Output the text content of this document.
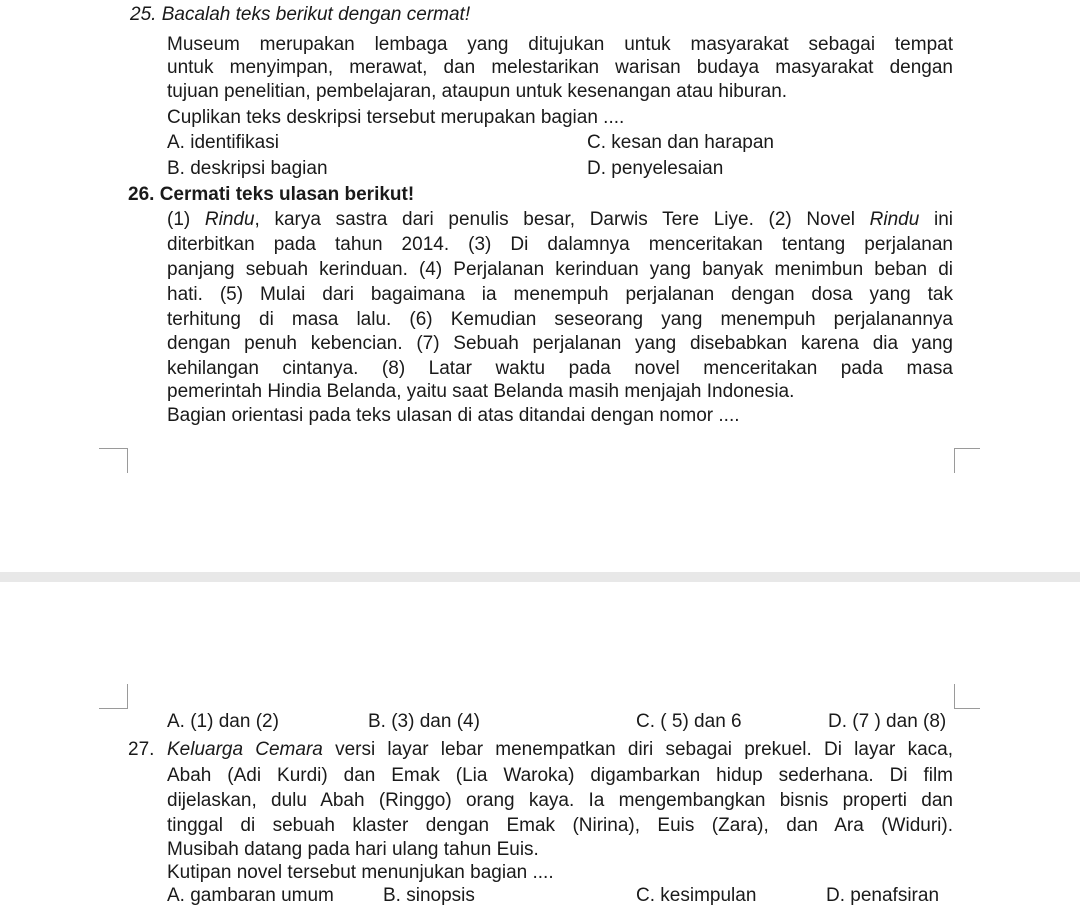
25. Bacalah teks berikut dengan cermat!
Museum merupakan lembaga yang ditujukan untuk masyarakat sebagai tempat
untuk menyimpan, merawat, dan melestarikan warisan budaya masyarakat dengan
tujuan penelitian, pembelajaran, ataupun untuk kesenangan atau hiburan.
Cuplikan teks deskripsi tersebut merupakan bagian ....
A. identifikasi	C. kesan dan harapan
B. deskripsi bagian	D. penyelesaian
26. Cermati teks ulasan berikut!
(1) Rindu, karya sastra dari penulis besar, Darwis Tere Liye. (2) Novel Rindu ini
diterbitkan pada tahun 2014. (3) Di dalamnya menceritakan tentang perjalanan
panjang sebuah kerinduan. (4) Perjalanan kerinduan yang banyak menimbun beban di
hati. (5) Mulai dari bagaimana ia menempuh perjalanan dengan dosa yang tak
terhitung di masa lalu. (6) Kemudian seseorang yang menempuh perjalanannya
dengan penuh kebencian. (7) Sebuah perjalanan yang disebabkan karena dia yang
kehilangan cintanya. (8) Latar waktu pada novel menceritakan pada masa
pemerintah Hindia Belanda, yaitu saat Belanda masih menjajah Indonesia.
Bagian orientasi pada teks ulasan di atas ditandai dengan nomor ....
A. (1) dan (2)	B. (3) dan (4)	C. ( 5) dan 6	D. (7 ) dan (8)
27. Keluarga Cemara versi layar lebar menempatkan diri sebagai prekuel. Di layar kaca,
Abah (Adi Kurdi) dan Emak (Lia Waroka) digambarkan hidup sederhana. Di film
dijelaskan, dulu Abah (Ringgo) orang kaya. Ia mengembangkan bisnis properti dan
tinggal di sebuah klaster dengan Emak (Nirina), Euis (Zara), dan Ara (Widuri).
Musibah datang pada hari ulang tahun Euis.
Kutipan novel tersebut menunjukan bagian ....
A. gambaran umum	B. sinopsis	C. kesimpulan	D. penafsiran
